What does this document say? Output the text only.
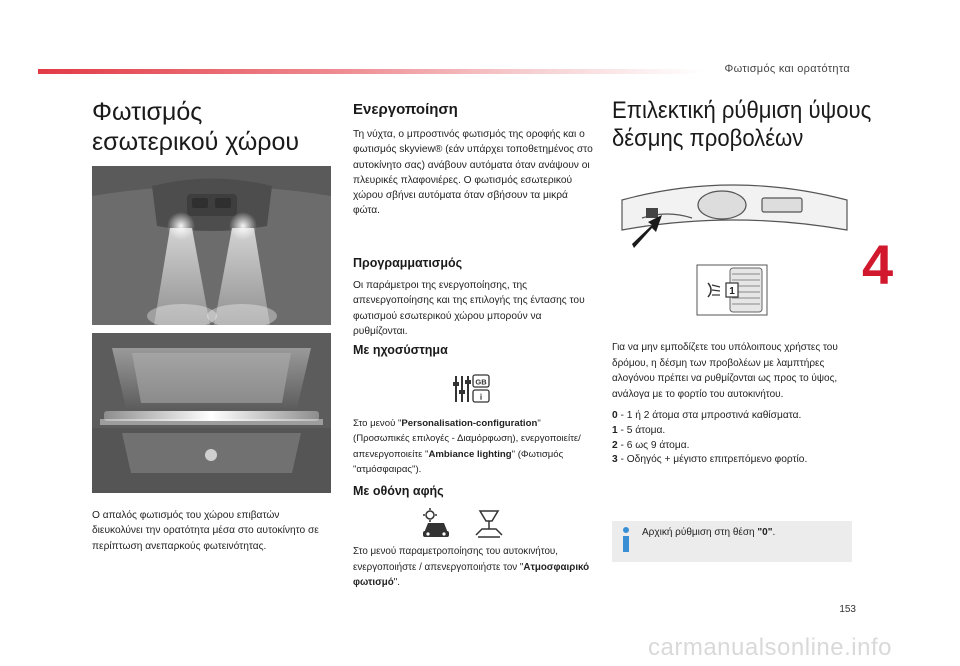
Φωτισμός και ορατότητα
4
Φωτισμός
εσωτερικού χώρου
Ο απαλός φωτισμός του χώρου επιβατών διευκολύνει την ορατότητα μέσα στο αυτοκίνητο σε περίπτωση ανεπαρκούς φωτεινότητας.
Ενεργοποίηση
Τη νύχτα, ο μπροστινός φωτισμός της οροφής και ο φωτισμός skyview® (εάν υπάρχει τοποθετημένος στο αυτοκίνητο σας) ανάβουν αυτόματα όταν ανάψουν οι πλευρικές πλαφονιέρες. Ο φωτισμός εσωτερικού χώρου σβήνει αυτόματα όταν σβήσουν τα μικρά φώτα.
Προγραμματισμός
Οι παράμετροι της ενεργοποίησης, της απενεργοποίησης και της επιλογής της έντασης του φωτισμού εσωτερικού χώρου μπορούν να ρυθμίζονται.
Με ηχοσύστημα
GB
i
Στο μενού "Personalisation-configuration" (Προσωπικές επιλογές - Διαμόρφωση), ενεργοποιείτε/απενεργοποιείτε "Ambiance lighting" (Φωτισμός "ατμόσφαιρας").
Με οθόνη αφής
Στο μενού παραμετροποίησης του αυτοκινήτου, ενεργοποιήστε / απενεργοποιήστε τον "Ατμοσφαιρικό φωτισμό".
Επιλεκτική ρύθμιση ύψους
δέσμης προβολέων
1
Για να μην εμποδίζετε του υπόλοιπους χρήστες του δρόμου, η δέσμη των προβολέων με λαμπτήρες αλογόνου πρέπει να ρυθμίζονται ως προς το ύψος, ανάλογα με το φορτίο του αυτοκινήτου.
0 - 1 ή 2 άτομα στα μπροστινά καθίσματα.
1 - 5 άτομα.
2 - 6 ως 9 άτομα.
3 - Οδηγός + μέγιστο επιτρεπόμενο φορτίο.
Αρχική ρύθμιση στη θέση "0".
153
carmanualsonline.info
